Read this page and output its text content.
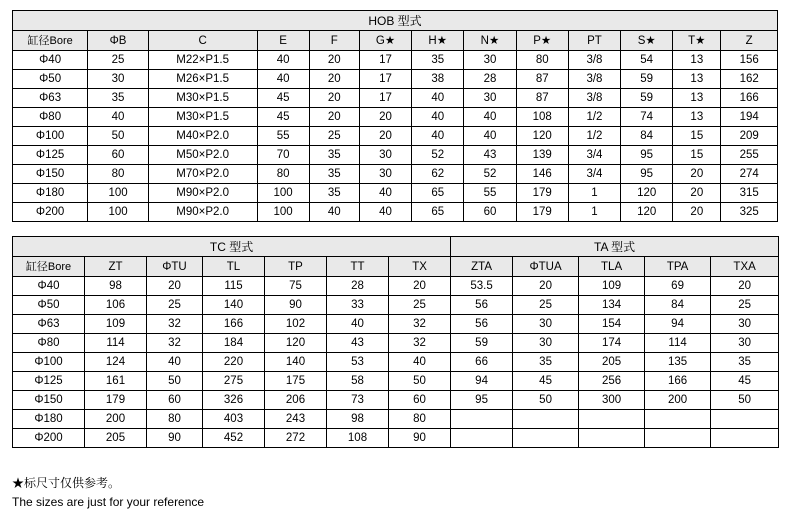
HOB 型式												
缸径Bore	ΦB	C	E	F	G★	H★	N★	P★	PT	S★	T★	Z
Φ40	25	M22×P1.5	40	20	17	35	30	80	3/8	54	13	156
Φ50	30	M26×P1.5	40	20	17	38	28	87	3/8	59	13	162
Φ63	35	M30×P1.5	45	20	17	40	30	87	3/8	59	13	166
Φ80	40	M30×P1.5	45	20	20	40	40	108	1/2	74	13	194
Φ100	50	M40×P2.0	55	25	20	40	40	120	1/2	84	15	209
Φ125	60	M50×P2.0	70	35	30	52	43	139	3/4	95	15	255
Φ150	80	M70×P2.0	80	35	30	62	52	146	3/4	95	20	274
Φ180	100	M90×P2.0	100	35	40	65	55	179	1	120	20	315
Φ200	100	M90×P2.0	100	40	40	65	60	179	1	120	20	325
TC 型式							TA 型式				
缸径Bore	ZT	ΦTU	TL	TP	TT	TX	ZTA	ΦTUA	TLA	TPA	TXA
Φ40	98	20	115	75	28	20	53.5	20	109	69	20
Φ50	106	25	140	90	33	25	56	25	134	84	25
Φ63	109	32	166	102	40	32	56	30	154	94	30
Φ80	114	32	184	120	43	32	59	30	174	114	30
Φ100	124	40	220	140	53	40	66	35	205	135	35
Φ125	161	50	275	175	58	50	94	45	256	166	45
Φ150	179	60	326	206	73	60	95	50	300	200	50
Φ180	200	80	403	243	98	80					
Φ200	205	90	452	272	108	90					
★标尺寸仅供参考。
The sizes are just for your reference
